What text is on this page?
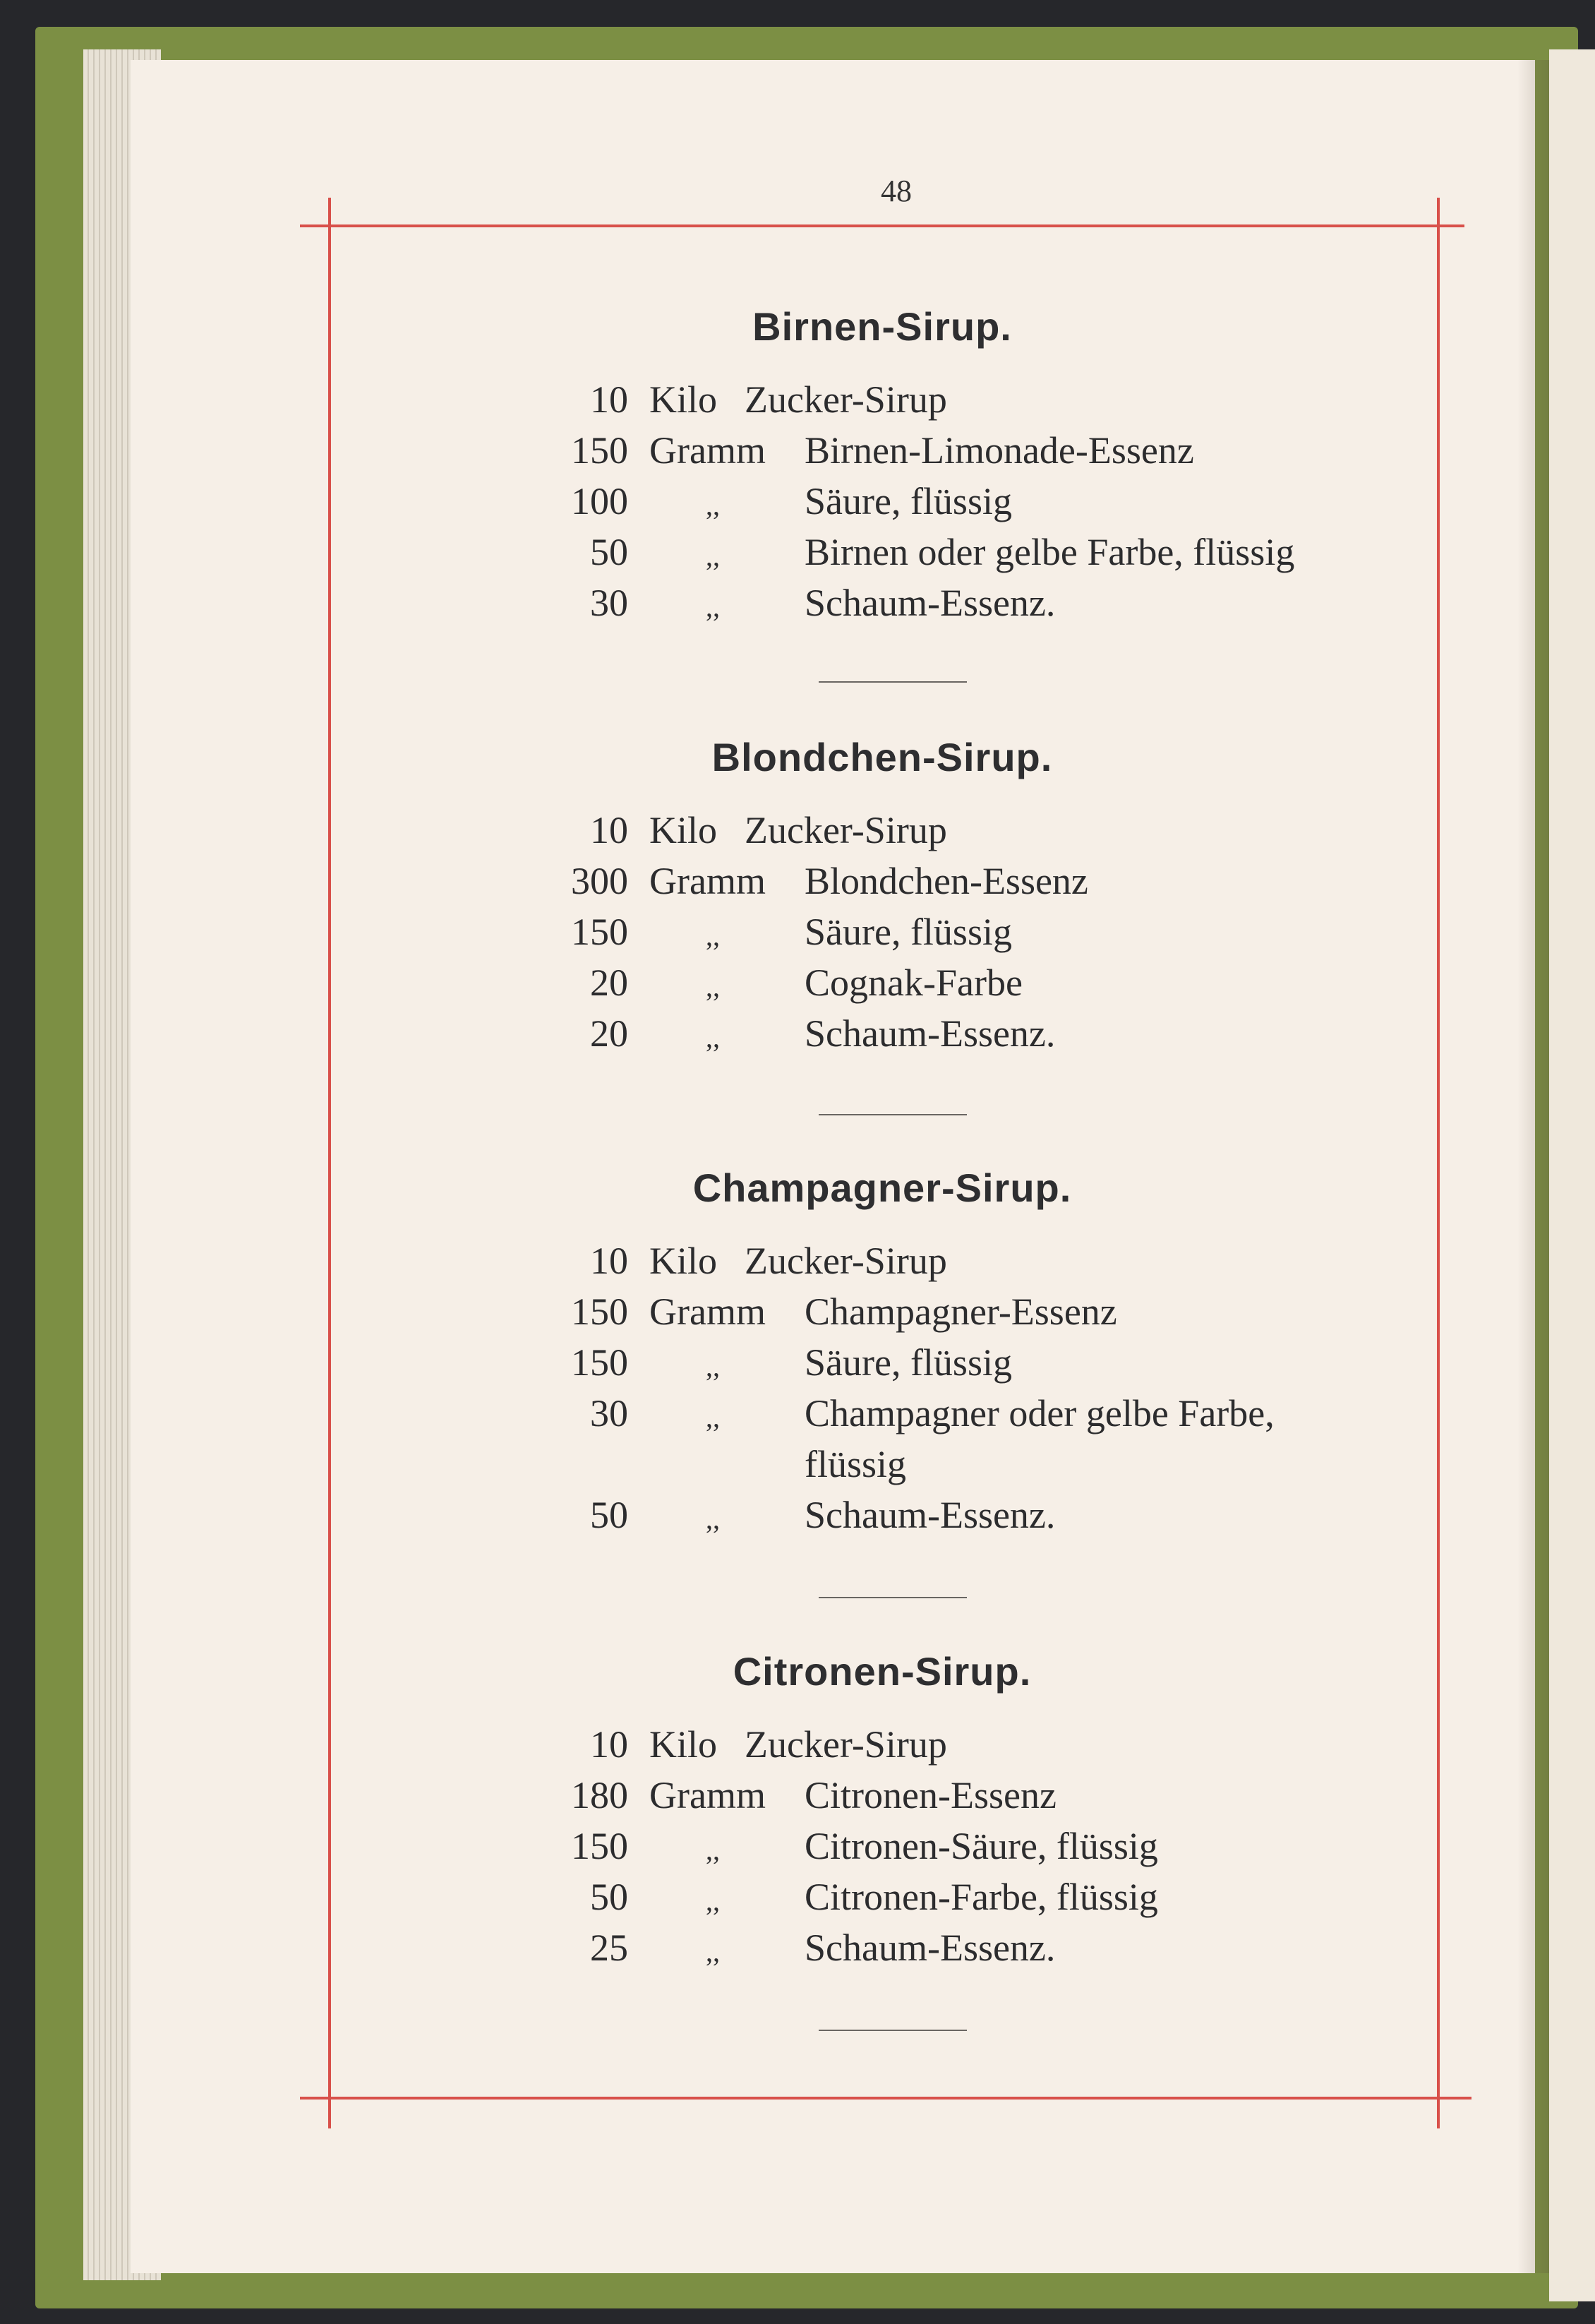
48
Birnen-Sirup.
10 Kilo Zucker-Sirup
150 Gramm Birnen-Limonade-Essenz
100	,, Säure, flüssig
50	,, Birnen oder gelbe Farbe, flüssig
30	,, Schaum-Essenz.
Blondchen-Sirup.
10 Kilo Zucker-Sirup
300 Gramm Blondchen-Essenz
150	,, Säure, flüssig
20	,, Cognak-Farbe
20	,, Schaum-Essenz.
Champagner-Sirup.
10 Kilo Zucker-Sirup
150 Gramm Champagner-Essenz
150	,, Säure, flüssig
30	,, Champagner oder gelbe Farbe,
flüssig
50	,, Schaum-Essenz.
Citronen-Sirup.
10 Kilo Zucker-Sirup
180 Gramm Citronen-Essenz
150	,, Citronen-Säure, flüssig
50	,, Citronen-Farbe, flüssig
25	,, Schaum-Essenz.
